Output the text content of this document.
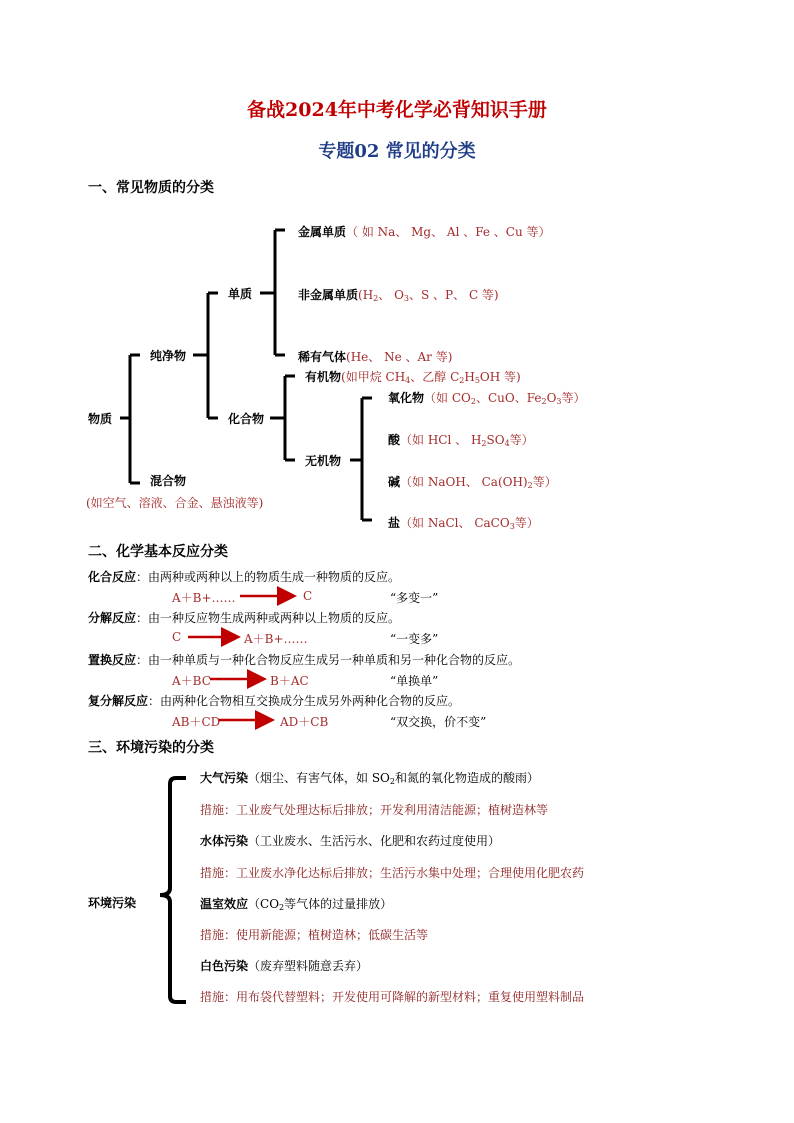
备战2024年中考化学必背知识手册
专题02 常见的分类
一、常见物质的分类
物质
纯净物
混合物
(如空气、溶液、合金、悬浊液等)
单质
化合物
金属单质（ 如 Na、 Mg、 Al 、Fe 、Cu 等）
非金属单质($H_2$、 $O_3$、S 、P、 C 等)
稀有气体(He、 Ne 、Ar 等)
有机物(如甲烷 $CH_4$、乙醇 $C_2H_5OH$ 等)
无机物
氧化物（如 $CO_2$、CuO、$Fe_2O_3$等）
酸（如 HCl 、 $H_2SO_4$等）
碱（如 NaOH、 $Ca(OH)_2$等）
盐（如 NaCl、 CaCO$_3$等）
二、化学基本反应分类
化合反应：由两种或两种以上的物质生成一种物质的反应。
A＋B+……	C	“多变一”
分解反应：由一种反应物生成两种或两种以上物质的反应。
C	A＋B+……	“一变多”
置换反应：由一种单质与一种化合物反应生成另一种单质和另一种化合物的反应。
A＋BC	B＋AC	“单换单”
复分解反应：由两种化合物相互交换成分生成另外两种化合物的反应。
AB＋CD	AD＋CB	“双交换，价不变”
三、环境污染的分类
环境污染
大气污染（烟尘、有害气体，如 $SO_2$和氮的氧化物造成的酸雨）
措施：工业废气处理达标后排放；开发利用清洁能源；植树造林等
水体污染（工业废水、生活污水、化肥和农药过度使用）
措施：工业废水净化达标后排放；生活污水集中处理；合理使用化肥农药
温室效应（$CO_2$等气体的过量排放）
措施：使用新能源；植树造林；低碳生活等
白色污染（废弃塑料随意丢弃）
措施：用布袋代替塑料；开发使用可降解的新型材料；重复使用塑料制品
